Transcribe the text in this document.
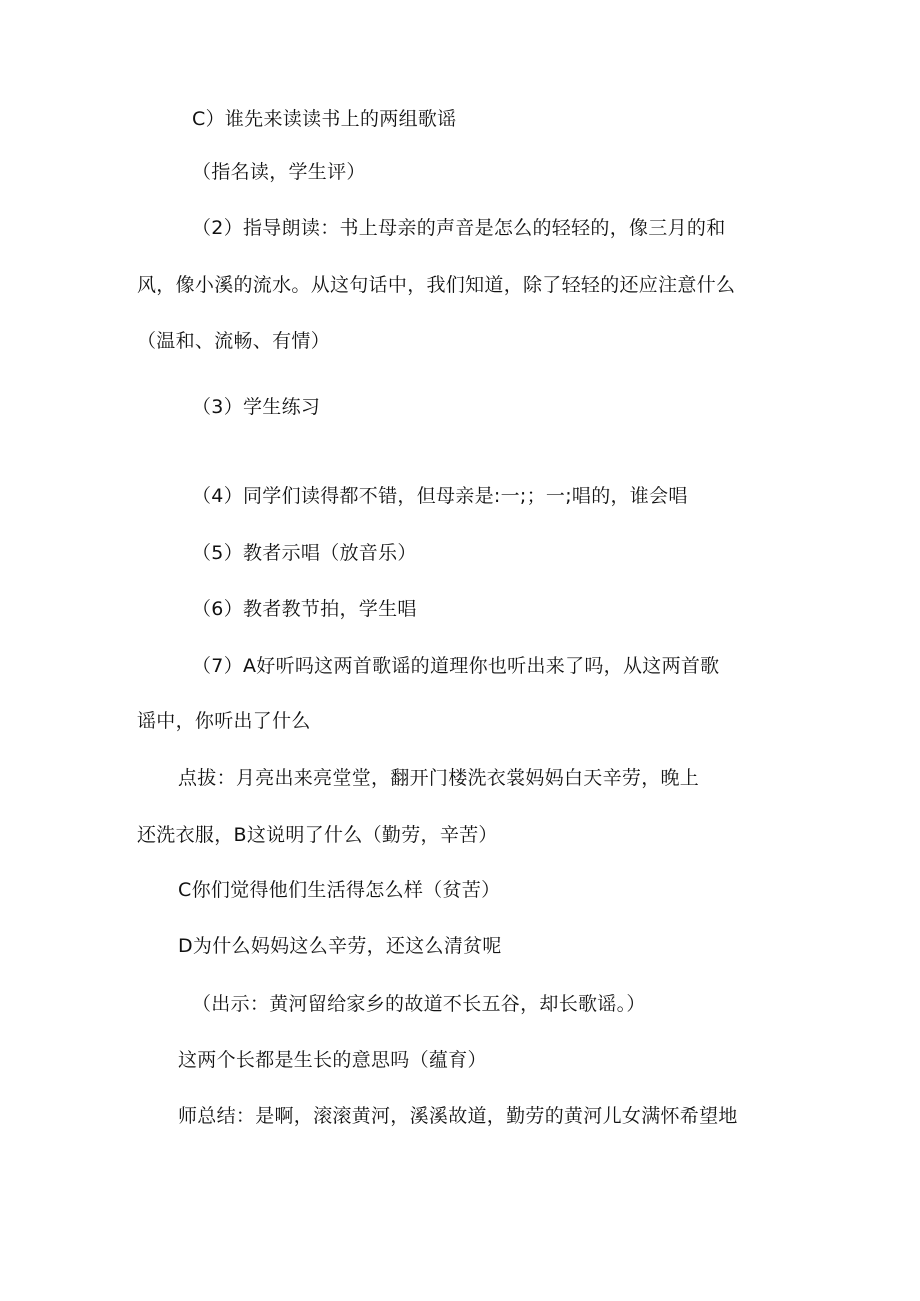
C）谁先来读读书上的两组歌谣
（指名读，学生评）
（2）指导朗读：书上母亲的声音是怎么的轻轻的，像三月的和
风，像小溪的流水。从这句话中，我们知道，除了轻轻的还应注意什么
（温和、流畅、有情）
（3）学生练习
（4）同学们读得都不错，但母亲是:一;；一;唱的，谁会唱
（5）教者示唱（放音乐）
（6）教者教节拍，学生唱
（7）A好听吗这两首歌谣的道理你也听出来了吗，从这两首歌
谣中，你听出了什么
点拔：月亮出来亮堂堂，翻开门楼洗衣裳妈妈白天辛劳，晚上
还洗衣服，B这说明了什么（勤劳，辛苦）
C你们觉得他们生活得怎么样（贫苦）
D为什么妈妈这么辛劳，还这么清贫呢
（出示：黄河留给家乡的故道不长五谷，却长歌谣。）
这两个长都是生长的意思吗（蕴育）
师总结：是啊，滚滚黄河，溪溪故道，勤劳的黄河儿女满怀希望地
